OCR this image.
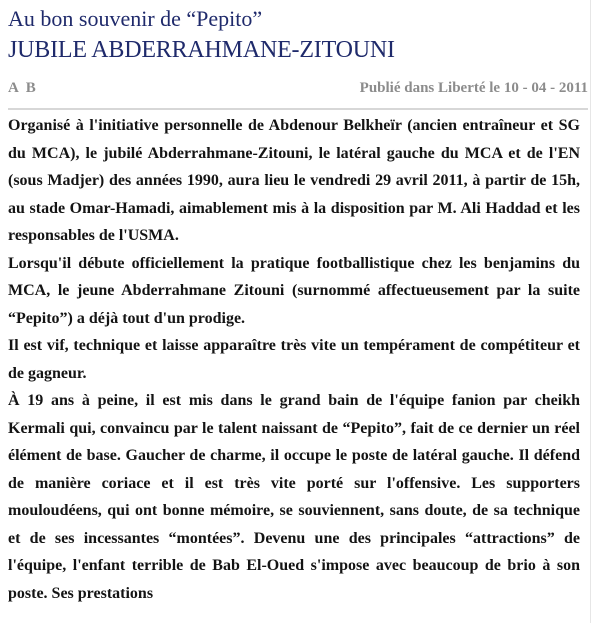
Au bon souvenir de “Pepito”
JUBILE ABDERRAHMANE-ZITOUNI
A B	Publié dans Liberté le 10 - 04 - 2011

Organisé à l'initiative personnelle de Abdenour Belkheïr (ancien entraîneur et SG du MCA), le jubilé Abderrahmane-Zitouni, le latéral gauche du MCA et de l'EN (sous Madjer) des années 1990, aura lieu le vendredi 29 avril 2011, à partir de 15h, au stade Omar-Hamadi, aimablement mis à la disposition par M. Ali Haddad et les responsables de l'USMA.

Lorsqu'il débute officiellement la pratique footballistique chez les benjamins du MCA, le jeune Abderrahmane Zitouni (surnommé affectueusement par la suite “Pepito”) a déjà tout d'un prodige.

Il est vif, technique et laisse apparaître très vite un tempérament de compétiteur et de gagneur.

À 19 ans à peine, il est mis dans le grand bain de l'équipe fanion par cheikh Kermali qui, convaincu par le talent naissant de “Pepito”, fait de ce dernier un réel élément de base. Gaucher de charme, il occupe le poste de latéral gauche. Il défend de manière coriace et il est très vite porté sur l'offensive. Les supporters mouloudéens, qui ont bonne mémoire, se souviennent, sans doute, de sa technique et de ses incessantes “montées”. Devenu une des principales “attractions” de l'équipe, l'enfant terrible de Bab El-Oued s'impose avec beaucoup de brio à son poste. Ses prestations
